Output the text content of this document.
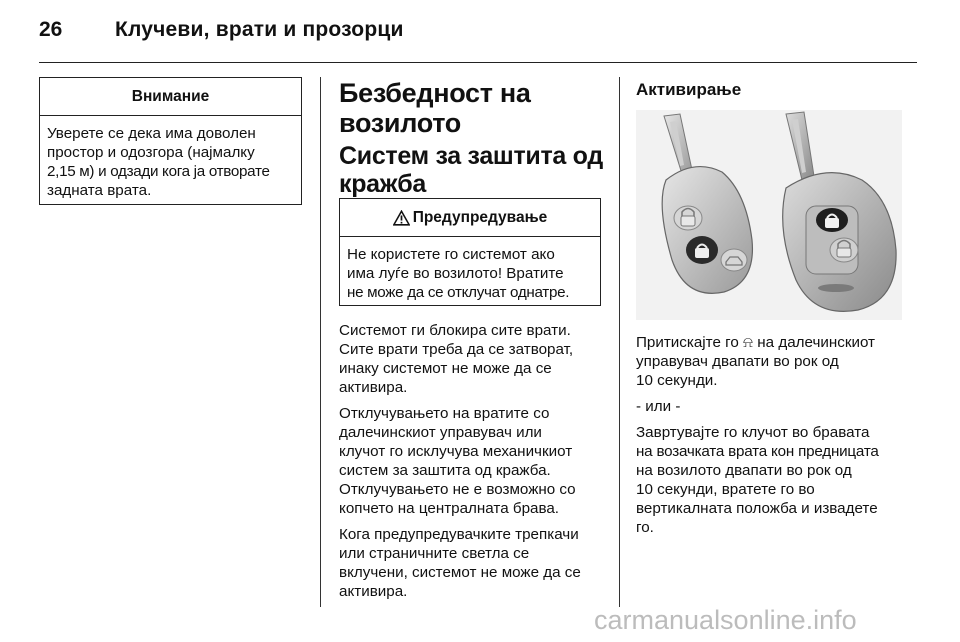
26	Клучеви, врати и прозорци
Внимание
Уверете се дека има доволен
простор и одозгора (најмалку
2,15 м) и одзади кога ја отворате
задната врата.
Безбедност на
возилото
Систем за заштита од
кражба
Предупредување
Не користете го системот ако
има луѓе во возилото! Вратите
не може да се отклучат однатре.

Системот ги блокира сите врати.
Сите врати треба да се затворат,
инаку системот не може да се
активира.

Отклучувањето на вратите со
далечинскиот управувач или
клучот го исклучува механичкиот
систем за заштита од кражба.
Отклучувањето не е возможно со
копчето на централната брава.

Кога предупредувачките трепкачи
или страничните светла се
вклучени, системот не може да се
активира.

Активирање

Притискајте го ⍾ на далечинскиот
управувач двапати во рок од
10 секунди.

- или -

Завртувајте го клучот во бравата
на возачката врата кон предницата
на возилото двапати во рок од
10 секунди, вратете го во
вертикалната положба и извадете
го.

carmanualsonline.info
